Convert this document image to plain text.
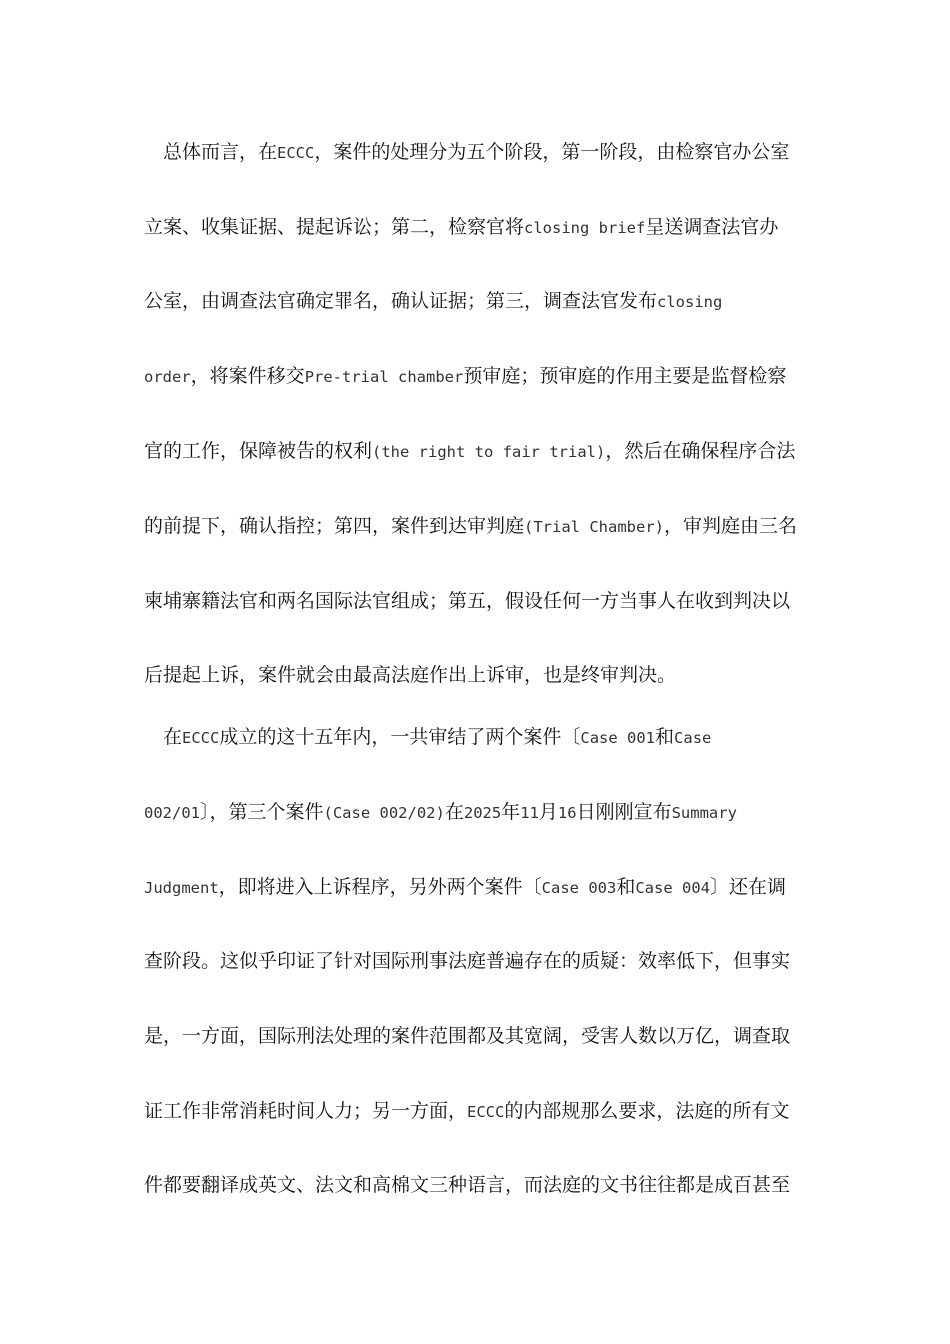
总体而言，在ECCC，案件的处理分为五个阶段，第一阶段，由检察官办公室
立案、收集证据、提起诉讼；第二，检察官将closing brief呈送调查法官办
公室，由调查法官确定罪名，确认证据；第三，调查法官发布closing
order，将案件移交Pre-trial chamber预审庭；预审庭的作用主要是监督检察
官的工作，保障被告的权利(the right to fair trial)，然后在确保程序合法
的前提下，确认指控；第四，案件到达审判庭(Trial Chamber)，审判庭由三名
柬埔寨籍法官和两名国际法官组成；第五，假设任何一方当事人在收到判决以
后提起上诉，案件就会由最高法庭作出上诉审，也是终审判决。
在ECCC成立的这十五年内，一共审结了两个案件〔Case 001和Case
002/01〕，第三个案件(Case 002/02)在2025年11月16日刚刚宣布Summary
Judgment，即将进入上诉程序，另外两个案件〔Case 003和Case 004〕还在调
查阶段。这似乎印证了针对国际刑事法庭普遍存在的质疑：效率低下，但事实
是，一方面，国际刑法处理的案件范围都及其宽阔，受害人数以万亿，调查取
证工作非常消耗时间人力；另一方面，ECCC的内部规那么要求，法庭的所有文
件都要翻译成英文、法文和高棉文三种语言，而法庭的文书往往都是成百甚至
